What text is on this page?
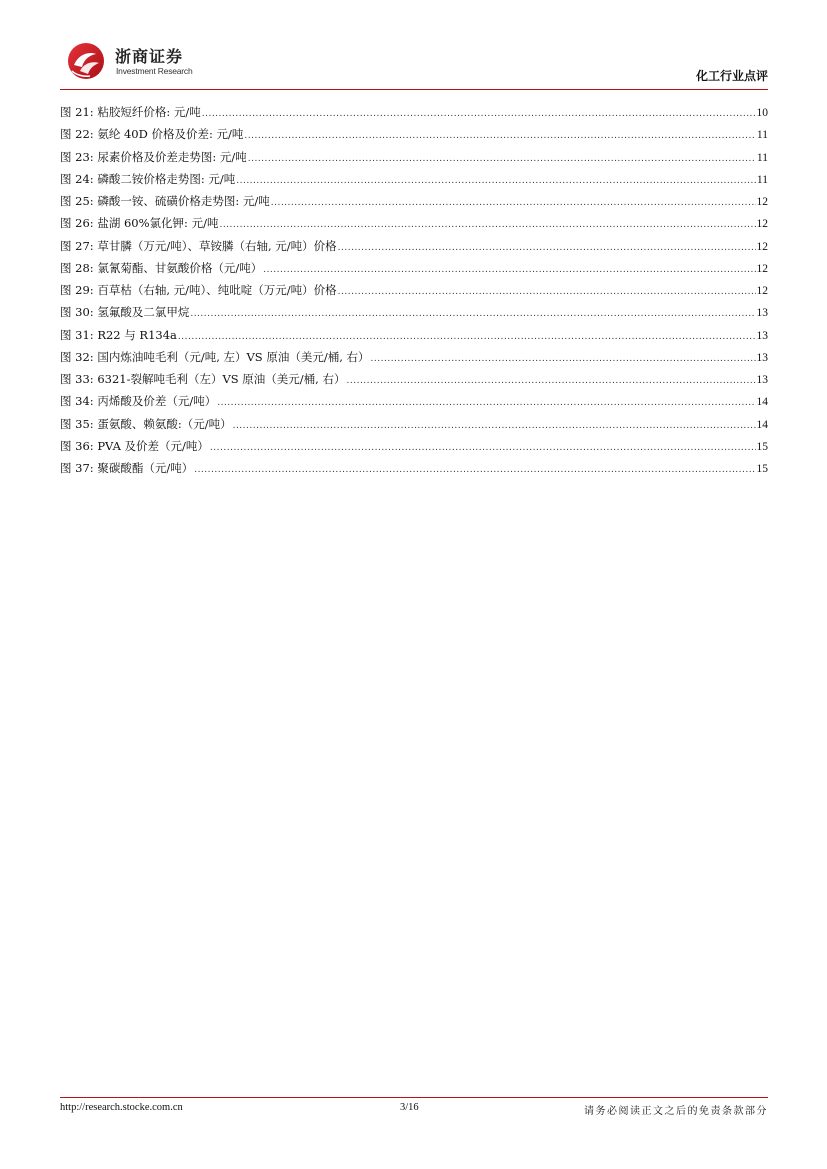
浙商证券
Investment Research	化工行业点评
图 21: 粘胶短纤价格: 元/吨 .....	10
图 22: 氨纶 40D 价格及价差: 元/吨 .....	11
图 23: 尿素价格及价差走势图: 元/吨 .....	11
图 24: 磷酸二铵价格走势图: 元/吨 .....	11
图 25: 磷酸一铵、硫磺价格走势图: 元/吨 .....	12
图 26: 盐湖 60%氯化钾: 元/吨 .....	12
图 27: 草甘膦（万元/吨）、草铵膦（右轴, 元/吨）价格 .....	12
图 28: 氯氰菊酯、甘氨酸价格（元/吨） .....	12
图 29: 百草枯（右轴, 元/吨）、纯吡啶（万元/吨）价格 .....	12
图 30: 氢氟酸及二氯甲烷 .....	13
图 31: R22 与 R134a .....	13
图 32: 国内炼油吨毛利（元/吨, 左）VS 原油（美元/桶, 右） .....	13
图 33: 6321-裂解吨毛利（左）VS 原油（美元/桶, 右） .....	13
图 34: 丙烯酸及价差（元/吨） .....	14
图 35: 蛋氨酸、赖氨酸:（元/吨） .....	14
图 36: PVA 及价差（元/吨） .....	15
图 37: 聚碳酸酯（元/吨） .....	15
http://research.stocke.com.cn	3/16	请务必阅读正文之后的免责条款部分
